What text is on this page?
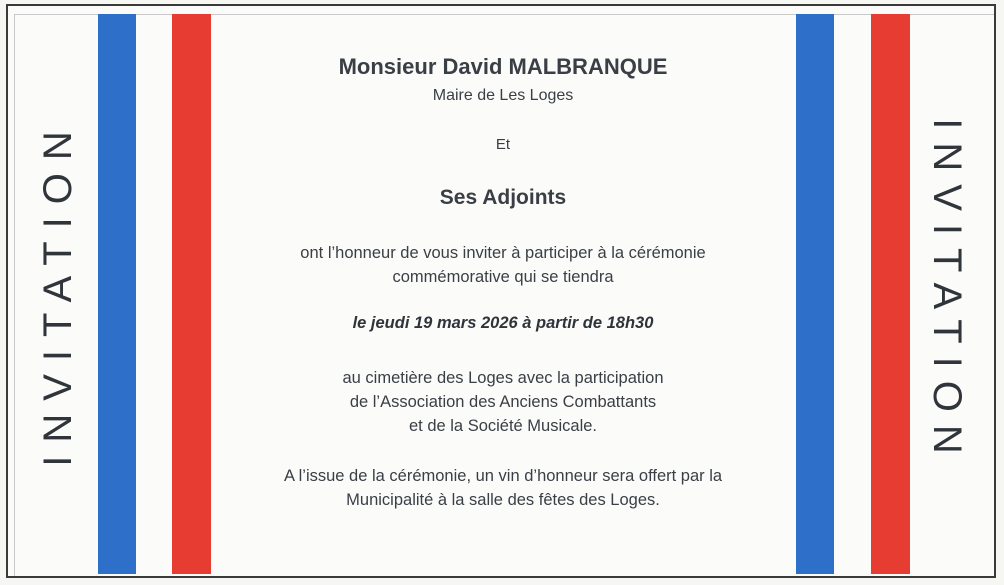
INVITATION	INVITATION

Monsieur David MALBRANQUE

Maire de Les Loges

Et

Ses Adjoints

ont l’honneur de vous inviter à participer à la cérémonie
commémorative qui se tiendra

le jeudi 19 mars 2026 à partir de 18h30

au cimetière des Loges avec la participation
de l’Association des Anciens Combattants
et de la Société Musicale.
A l’issue de la cérémonie, un vin d’honneur sera offert par la
Municipalité à la salle des fêtes des Loges.
